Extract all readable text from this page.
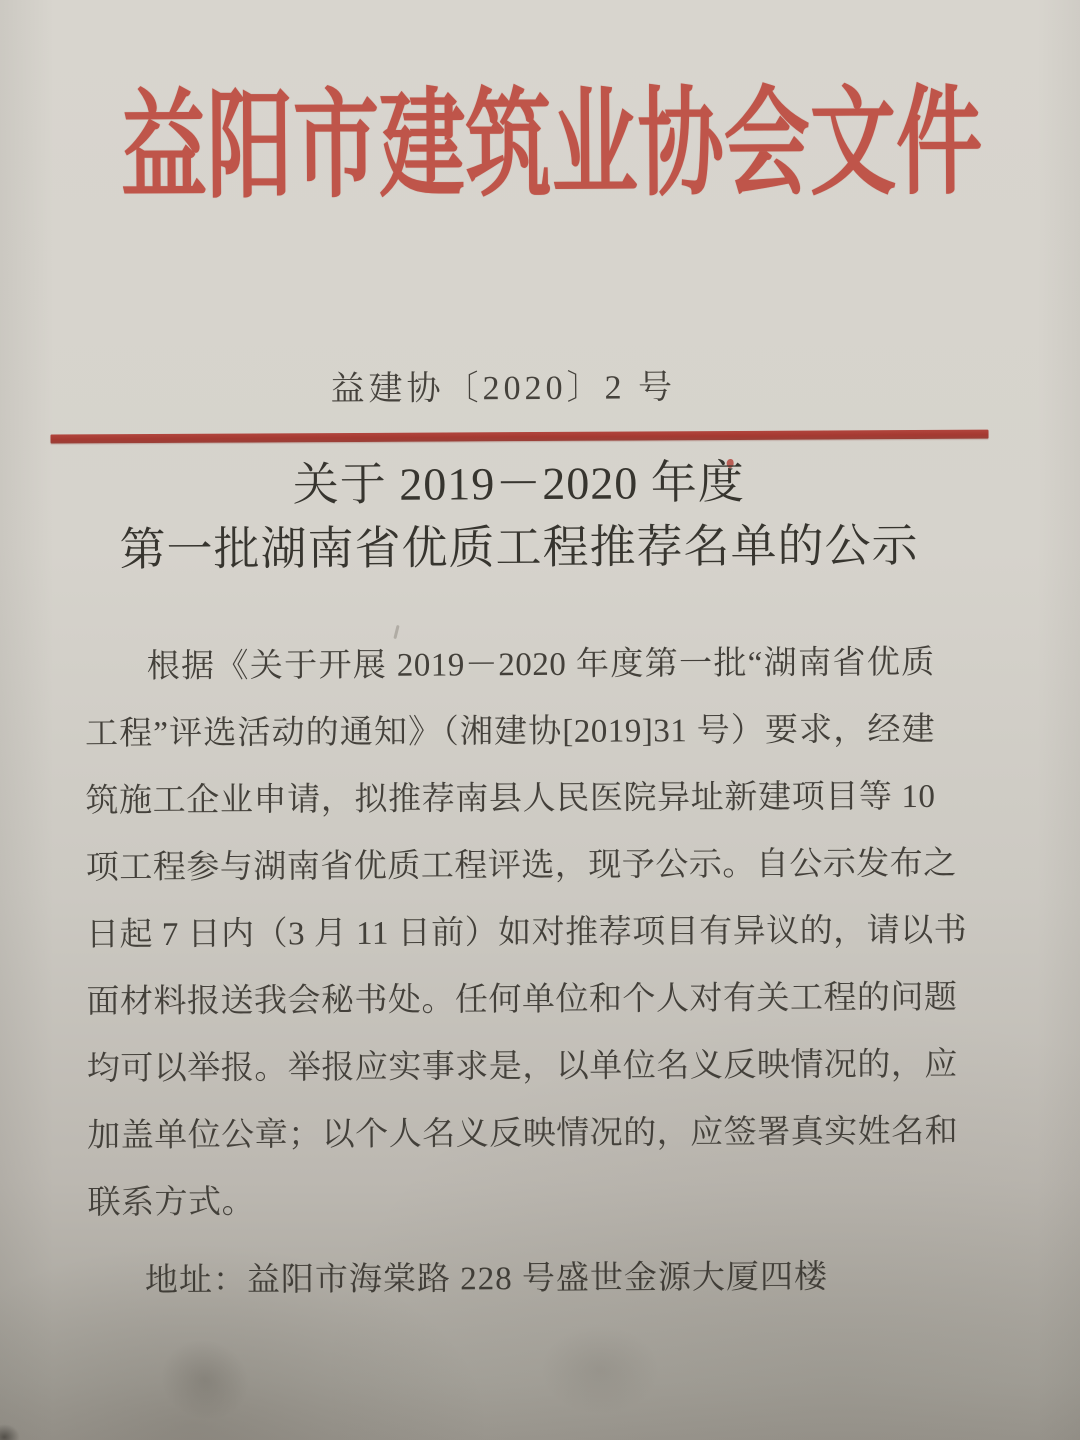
益阳市建筑业协会文件
益建协〔2020〕2 号
关于 2019－2020 年度
第一批湖南省优质工程推荐名单的公示
根据《关于开展 2019－2020 年度第一批“湖南省优质
工程”评选活动的通知》（湘建协[2019]31 号）要求，经建
筑施工企业申请，拟推荐南县人民医院异址新建项目等 10
项工程参与湖南省优质工程评选，现予公示。自公示发布之
日起 7 日内（3 月 11 日前）如对推荐项目有异议的，请以书
面材料报送我会秘书处。任何单位和个人对有关工程的问题
均可以举报。举报应实事求是，以单位名义反映情况的，应
加盖单位公章；以个人名义反映情况的，应签署真实姓名和
联系方式。
地址：益阳市海棠路 228 号盛世金源大厦四楼
